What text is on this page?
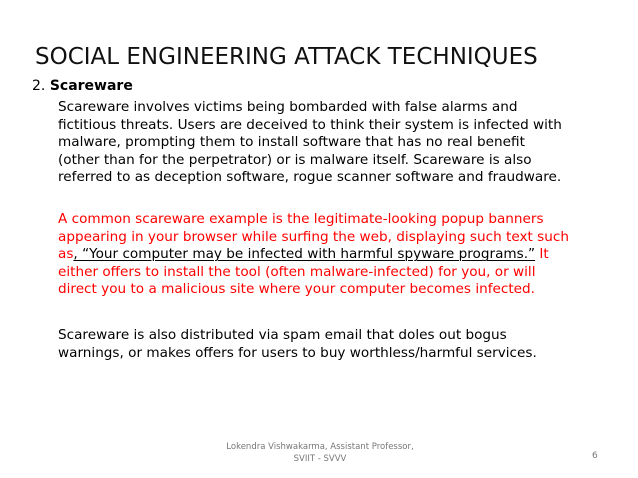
SOCIAL ENGINEERING ATTACK TECHNIQUES
2. Scareware

Scareware involves victims being bombarded with false alarms and
fictitious threats. Users are deceived to think their system is infected with
malware, prompting them to install software that has no real benefit
(other than for the perpetrator) or is malware itself. Scareware is also
referred to as deception software, rogue scanner software and fraudware.

A common scareware example is the legitimate-looking popup banners
appearing in your browser while surfing the web, displaying such text such
as, “Your computer may be infected with harmful spyware programs.” It
either offers to install the tool (often malware-infected) for you, or will
direct you to a malicious site where your computer becomes infected.

Scareware is also distributed via spam email that doles out bogus
warnings, or makes offers for users to buy worthless/harmful services.

Lokendra Vishwakarma, Assistant Professor,
SVIIT - SVVV	6
